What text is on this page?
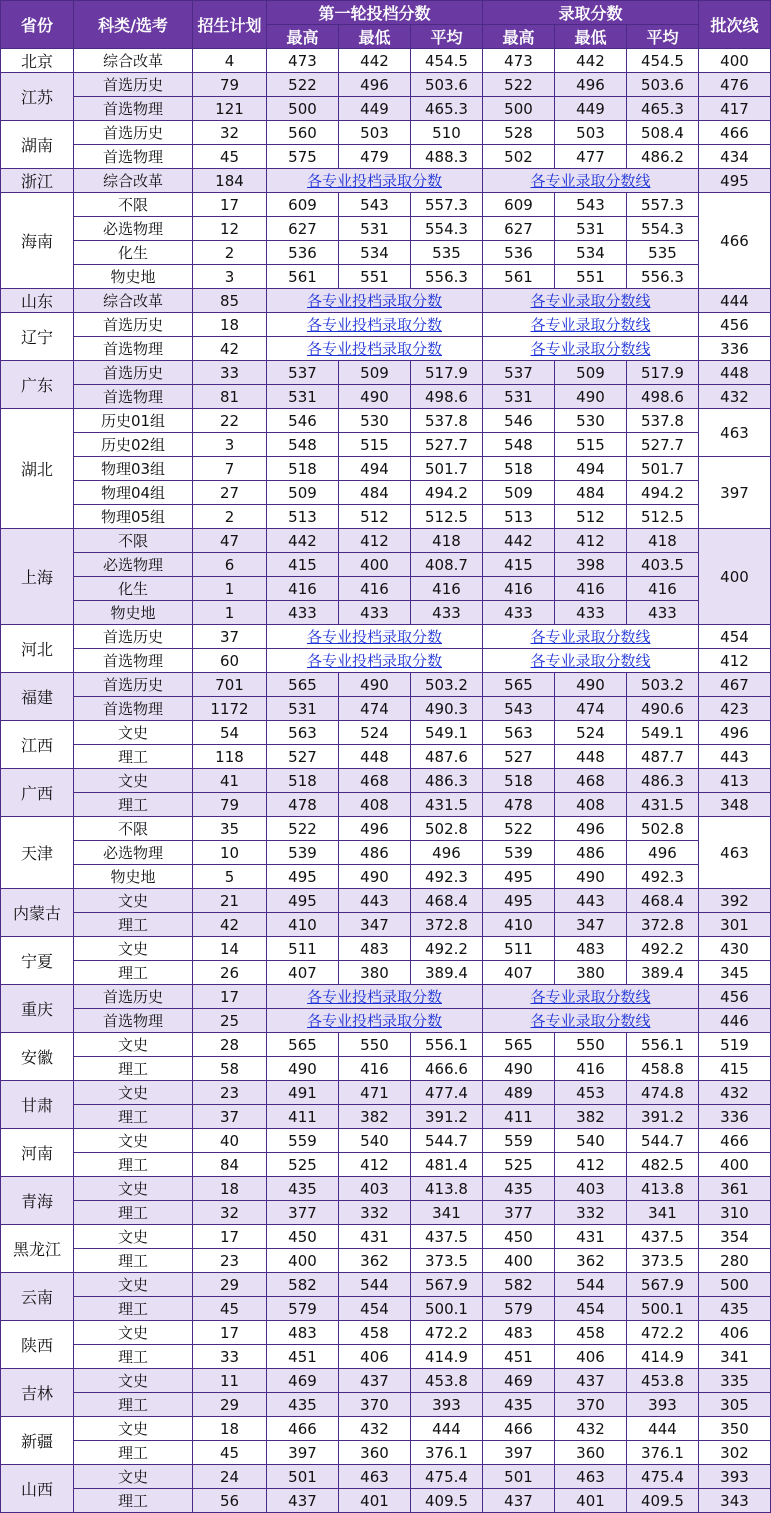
省份	科类/选考	招生计划	第一轮投档分数			录取分数			批次线
			最高	最低	平均	最高	最低	平均	
北京	综合改革	4	473	442	454.5	473	442	454.5	400
江苏	首选历史	79	522	496	503.6	522	496	503.6	476
	首选物理	121	500	449	465.3	500	449	465.3	417
湖南	首选历史	32	560	503	510	528	503	508.4	466
	首选物理	45	575	479	488.3	502	477	486.2	434
浙江	综合改革	184	各专业投档录取分数			各专业录取分数线			495
海南	不限	17	609	543	557.3	609	543	557.3	466
	必选物理	12	627	531	554.3	627	531	554.3	
	化生	2	536	534	535	536	534	535	
	物史地	3	561	551	556.3	561	551	556.3	
山东	综合改革	85	各专业投档录取分数			各专业录取分数线			444
辽宁	首选历史	18	各专业投档录取分数			各专业录取分数线			456
	首选物理	42	各专业投档录取分数			各专业录取分数线			336
广东	首选历史	33	537	509	517.9	537	509	517.9	448
	首选物理	81	531	490	498.6	531	490	498.6	432
湖北	历史01组	22	546	530	537.8	546	530	537.8	463
	历史02组	3	548	515	527.7	548	515	527.7	
	物理03组	7	518	494	501.7	518	494	501.7	397
	物理04组	27	509	484	494.2	509	484	494.2	
	物理05组	2	513	512	512.5	513	512	512.5	
上海	不限	47	442	412	418	442	412	418	400
	必选物理	6	415	400	408.7	415	398	403.5	
	化生	1	416	416	416	416	416	416	
	物史地	1	433	433	433	433	433	433	
河北	首选历史	37	各专业投档录取分数			各专业录取分数线			454
	首选物理	60	各专业投档录取分数			各专业录取分数线			412
福建	首选历史	701	565	490	503.2	565	490	503.2	467
	首选物理	1172	531	474	490.3	543	474	490.6	423
江西	文史	54	563	524	549.1	563	524	549.1	496
	理工	118	527	448	487.6	527	448	487.7	443
广西	文史	41	518	468	486.3	518	468	486.3	413
	理工	79	478	408	431.5	478	408	431.5	348
天津	不限	35	522	496	502.8	522	496	502.8	463
	必选物理	10	539	486	496	539	486	496	
	物史地	5	495	490	492.3	495	490	492.3	
内蒙古	文史	21	495	443	468.4	495	443	468.4	392
	理工	42	410	347	372.8	410	347	372.8	301
宁夏	文史	14	511	483	492.2	511	483	492.2	430
	理工	26	407	380	389.4	407	380	389.4	345
重庆	首选历史	17	各专业投档录取分数			各专业录取分数线			456
	首选物理	25	各专业投档录取分数			各专业录取分数线			446
安徽	文史	28	565	550	556.1	565	550	556.1	519
	理工	58	490	416	466.6	490	416	458.8	415
甘肃	文史	23	491	471	477.4	489	453	474.8	432
	理工	37	411	382	391.2	411	382	391.2	336
河南	文史	40	559	540	544.7	559	540	544.7	466
	理工	84	525	412	481.4	525	412	482.5	400
青海	文史	18	435	403	413.8	435	403	413.8	361
	理工	32	377	332	341	377	332	341	310
黑龙江	文史	17	450	431	437.5	450	431	437.5	354
	理工	23	400	362	373.5	400	362	373.5	280
云南	文史	29	582	544	567.9	582	544	567.9	500
	理工	45	579	454	500.1	579	454	500.1	435
陕西	文史	17	483	458	472.2	483	458	472.2	406
	理工	33	451	406	414.9	451	406	414.9	341
吉林	文史	11	469	437	453.8	469	437	453.8	335
	理工	29	435	370	393	435	370	393	305
新疆	文史	18	466	432	444	466	432	444	350
	理工	45	397	360	376.1	397	360	376.1	302
山西	文史	24	501	463	475.4	501	463	475.4	393
	理工	56	437	401	409.5	437	401	409.5	343
